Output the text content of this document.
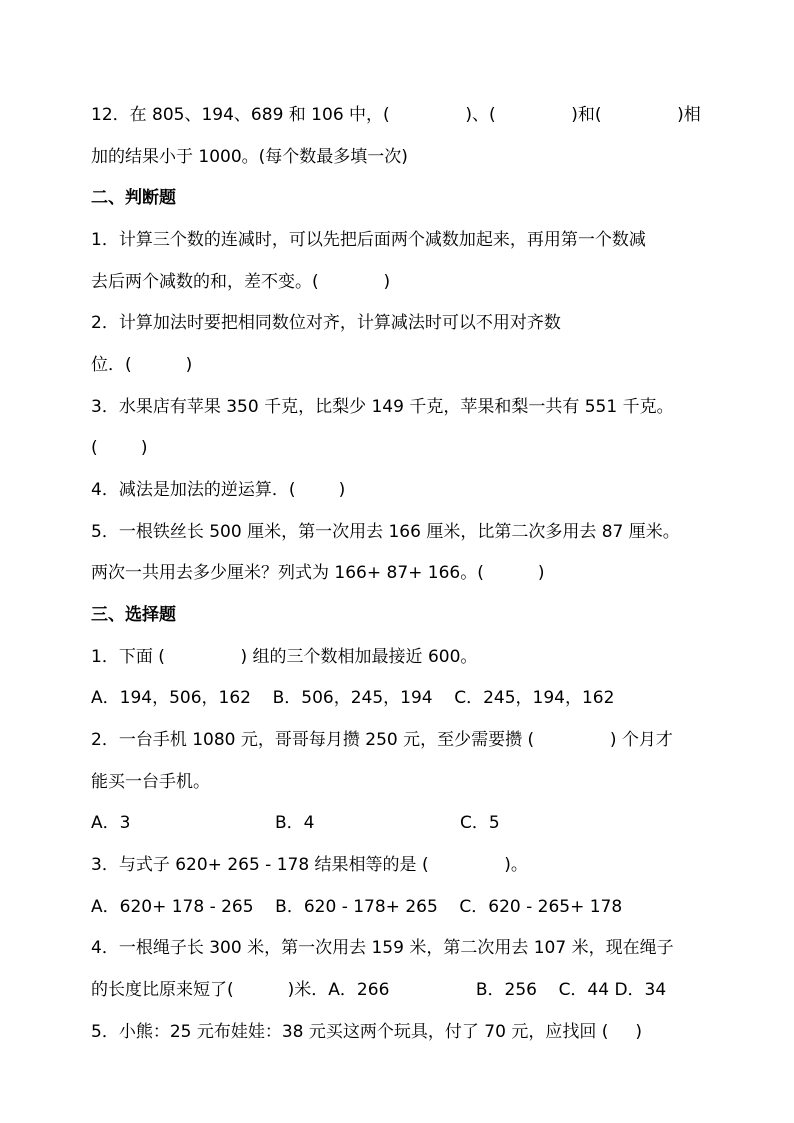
12．在 805、194、689 和 106 中，(              )、(              )和(              )相
加的结果小于 1000。(每个数最多填一次)
二、判断题
1．计算三个数的连减时，可以先把后面两个减数加起来，再用第一个数减
去后两个减数的和，差不变。(            )
2．计算加法时要把相同数位对齐，计算减法时可以不用对齐数
位．(          )
3．水果店有苹果 350 千克，比梨少 149 千克，苹果和梨一共有 551 千克。
(        )
4．减法是加法的逆运算．(        )
5．一根铁丝长 500 厘米，第一次用去 166 厘米，比第二次多用去 87 厘米。
两次一共用去多少厘米？列式为 166+ 87+ 166。(          )
三、选择题
1．下面 (              ) 组的三个数相加最接近 600。
A．194，506，162    B．506，245，194    C．245，194，162
2．一台手机 1080 元，哥哥每月攒 250 元，至少需要攒 (              ) 个月才
能买一台手机。
A．3	B．4	C．5
3．与式子 620+ 265 - 178 结果相等的是 (              )。
A．620+ 178 - 265    B．620 - 178+ 265    C．620 - 265+ 178
4．一根绳子长 300 米，第一次用去 159 米，第二次用去 107 米，现在绳子
的长度比原来短了(          )米．A．266                B．256    C．44 D．34
5．小熊：25 元布娃娃：38 元买这两个玩具，付了 70 元，应找回 (     )
